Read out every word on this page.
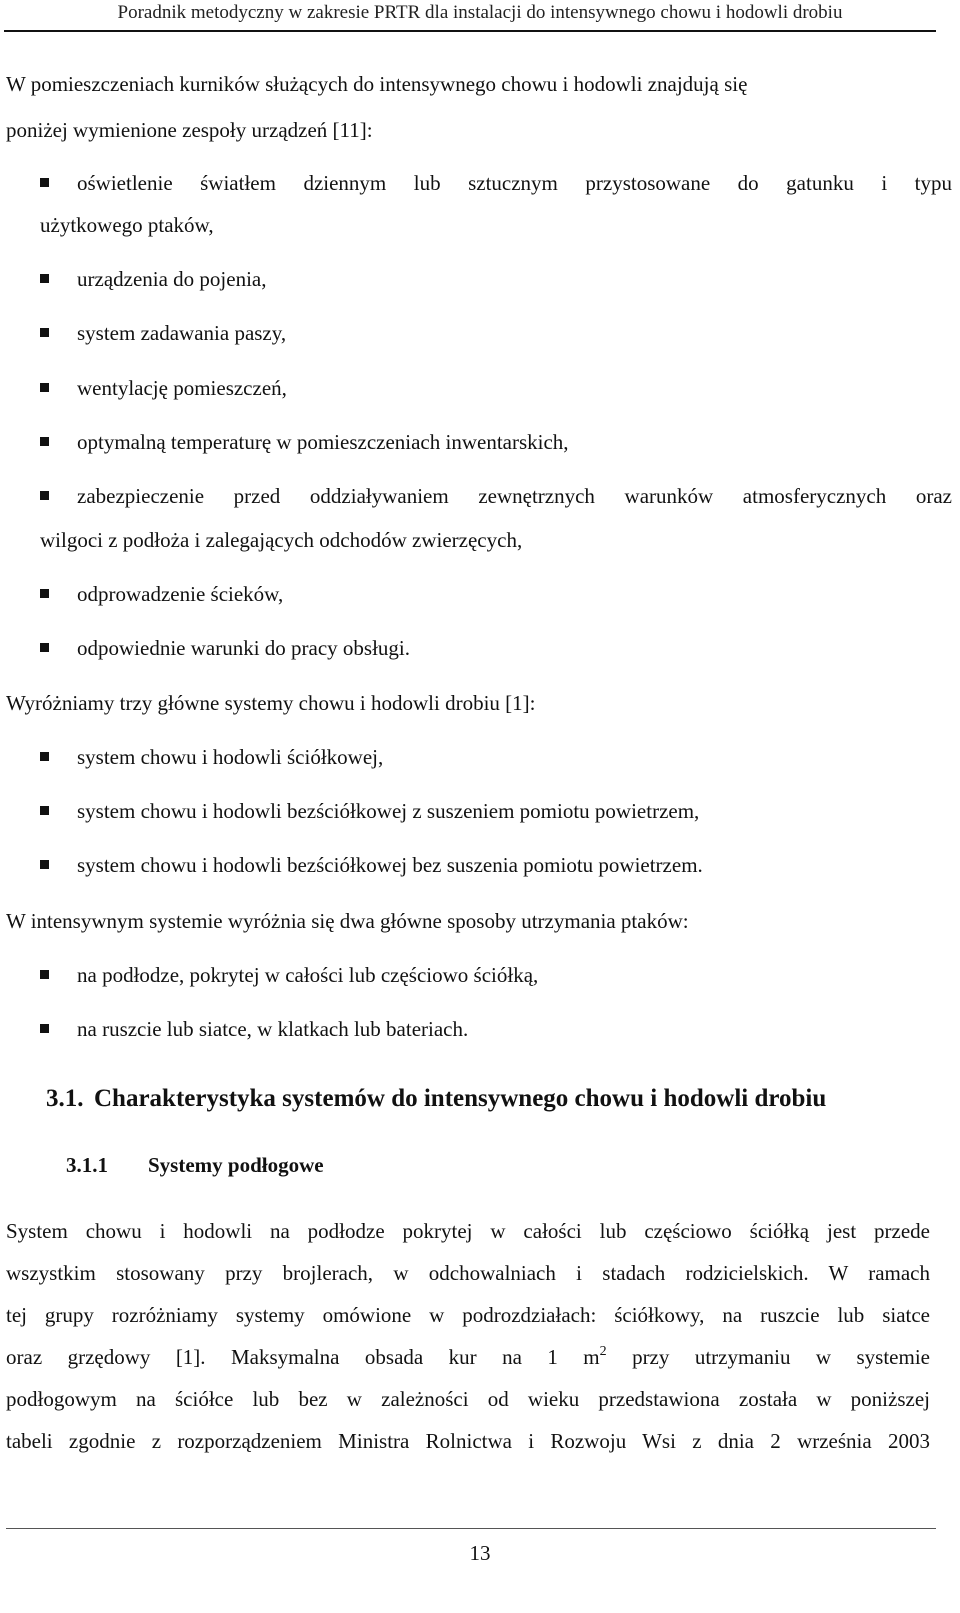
Poradnik metodyczny w zakresie PRTR dla instalacji do intensywnego chowu i hodowli drobiu
W pomieszczeniach kurników służących do intensywnego chowu i hodowli znajdują się
poniżej wymienione zespoły urządzeń [11]:
oświetlenie światłem dziennym lub sztucznym przystosowane do gatunku i typu
użytkowego ptaków,
urządzenia do pojenia,
system zadawania paszy,
wentylację pomieszczeń,
optymalną temperaturę w pomieszczeniach inwentarskich,
zabezpieczenie przed oddziaływaniem zewnętrznych warunków atmosferycznych oraz
wilgoci z podłoża i zalegających odchodów zwierzęcych,
odprowadzenie ścieków,
odpowiednie warunki do pracy obsługi.
Wyróżniamy trzy główne systemy chowu i hodowli drobiu [1]:
system chowu i hodowli ściółkowej,
system chowu i hodowli bezściółkowej z suszeniem pomiotu powietrzem,
system chowu i hodowli bezściółkowej bez suszenia pomiotu powietrzem.
W intensywnym systemie wyróżnia się dwa główne sposoby utrzymania ptaków:
na podłodze, pokrytej w całości lub częściowo ściółką,
na ruszcie lub siatce, w klatkach lub bateriach.
3.1. Charakterystyka systemów do intensywnego chowu i hodowli drobiu
3.1.1 Systemy podłogowe
System chowu i hodowli na podłodze pokrytej w całości lub częściowo ściółką jest przede
wszystkim stosowany przy brojlerach, w odchowalniach i stadach rodzicielskich. W ramach
tej grupy rozróżniamy systemy omówione w podrozdziałach: ściółkowy, na ruszcie lub siatce
oraz grzędowy [1]. Maksymalna obsada kur na 1 $m^2$ przy utrzymaniu w systemie
podłogowym na ściółce lub bez w zależności od wieku przedstawiona została w poniższej
tabeli zgodnie z rozporządzeniem Ministra Rolnictwa i Rozwoju Wsi z dnia 2 września 2003
13
